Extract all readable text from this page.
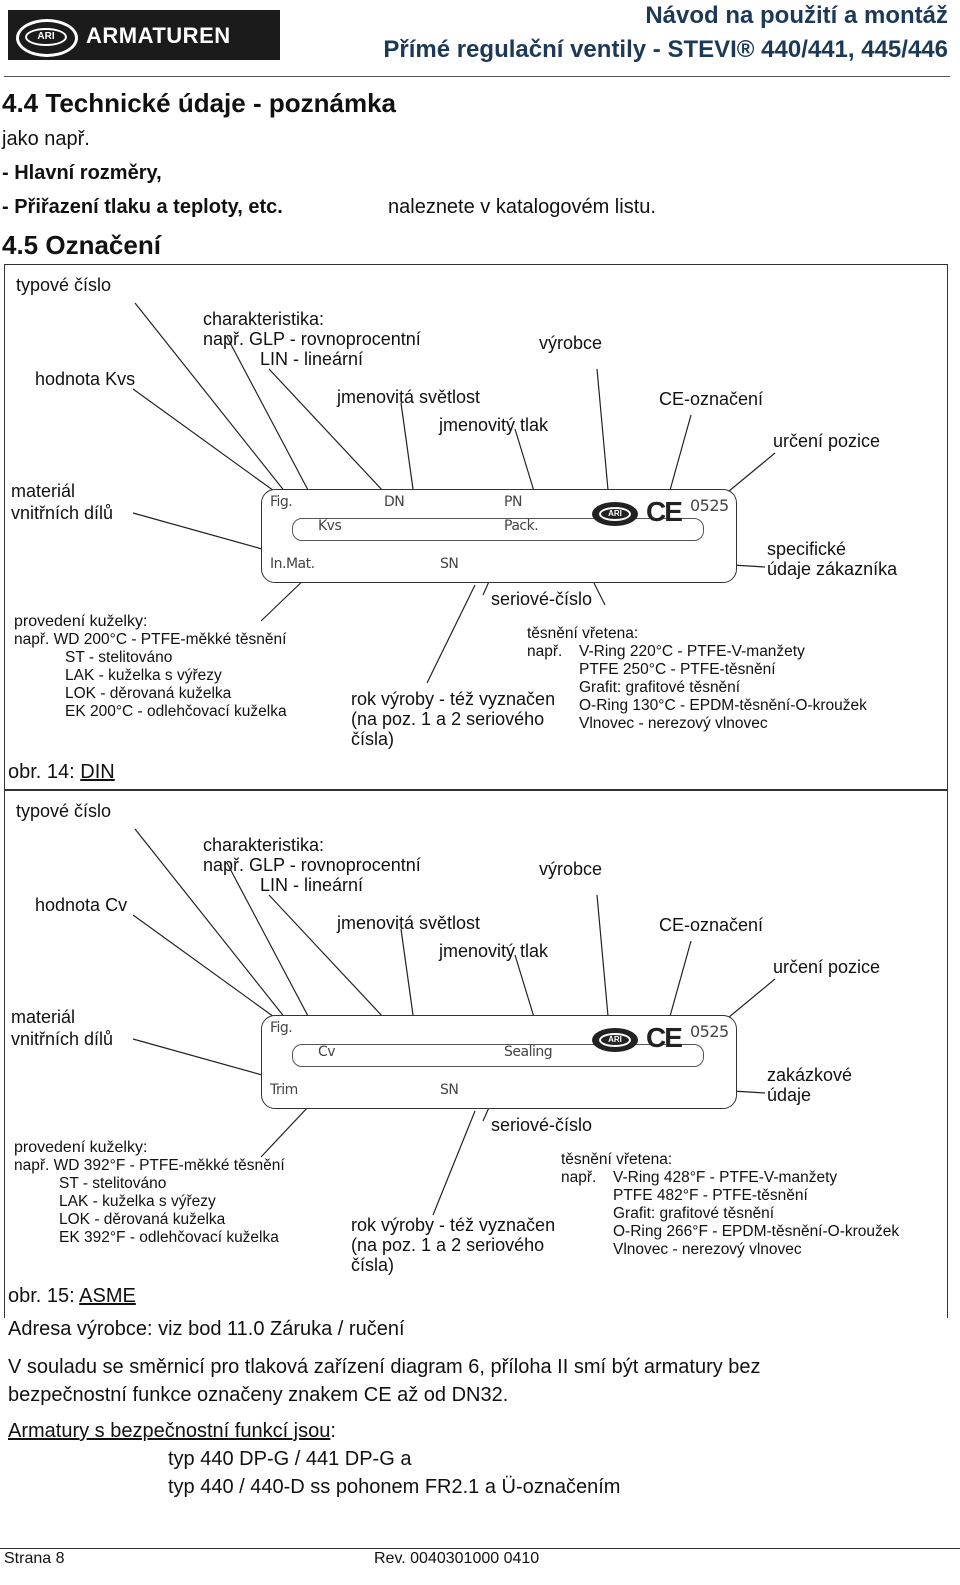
ARI	ARMATUREN
Návod na použití a montáž
Přímé regulační ventily - STEVI® 440/441, 445/446
4.4 Technické údaje - poznámka
jako např.
- Hlavní rozměry,
- Přiřazení tlaku a teploty, etc.	naleznete v katalogovém listu.
4.5 Označení
Fig.
Kvs
DN	PN
Pack.
In.Mat.	SN
ARI CE 0525
typové číslo
hodnota Kvs
charakteristika:
např. GLP - rovnoprocentní
LIN - lineární
jmenovitá světlost
jmenovitý tlak
výrobce
CE-označení
určení pozice
materiál
vnitřních dílů
specifické
údaje zákazníka
seriové-číslo
provedení kuželky:
např. WD 200°C - PTFE-měkké těsnění
ST - stelitováno
LAK - kuželka s výřezy
LOK - děrovaná kuželka
EK 200°C - odlehčovací kuželka
rok výroby - též vyznačen
(na poz. 1 a 2 seriového
čísla)
těsnění vřetena:
např. V-Ring 220°C - PTFE-V-manžety
PTFE 250°C - PTFE-těsnění
Grafit: grafitové těsnění
O-Ring 130°C - EPDM-těsnění-O-kroužek
Vlnovec - nerezový vlnovec
obr. 14: DIN
Fig.
Cv	Sealing
Trim	SN
ARI CE 0525
typové číslo
hodnota Cv
charakteristika:
např. GLP - rovnoprocentní
LIN - lineární
jmenovitá světlost
jmenovitý tlak
výrobce
CE-označení
určení pozice
materiál
vnitřních dílů
zakázkové
údaje
seriové-číslo
provedení kuželky:
např. WD 392°F - PTFE-měkké těsnění
ST - stelitováno
LAK - kuželka s výřezy
LOK - děrovaná kuželka
EK 392°F - odlehčovací kuželka
rok výroby - též vyznačen
(na poz. 1 a 2 seriového
čísla)
těsnění vřetena:
např. V-Ring 428°F - PTFE-V-manžety
PTFE 482°F - PTFE-těsnění
Grafit: grafitové těsnění
O-Ring 266°F - EPDM-těsnění-O-kroužek
Vlnovec - nerezový vlnovec
obr. 15: ASME
Adresa výrobce: viz bod 11.0 Záruka / ručení
V souladu se směrnicí pro tlaková zařízení diagram 6, příloha II smí být armatury bez
bezpečnostní funkce označeny znakem CE až od DN32.
Armatury s bezpečnostní funkcí jsou:
typ 440 DP-G / 441 DP-G a
typ 440 / 440-D ss pohonem FR2.1 a Ü-označením
Strana 8	Rev. 0040301000 0410
